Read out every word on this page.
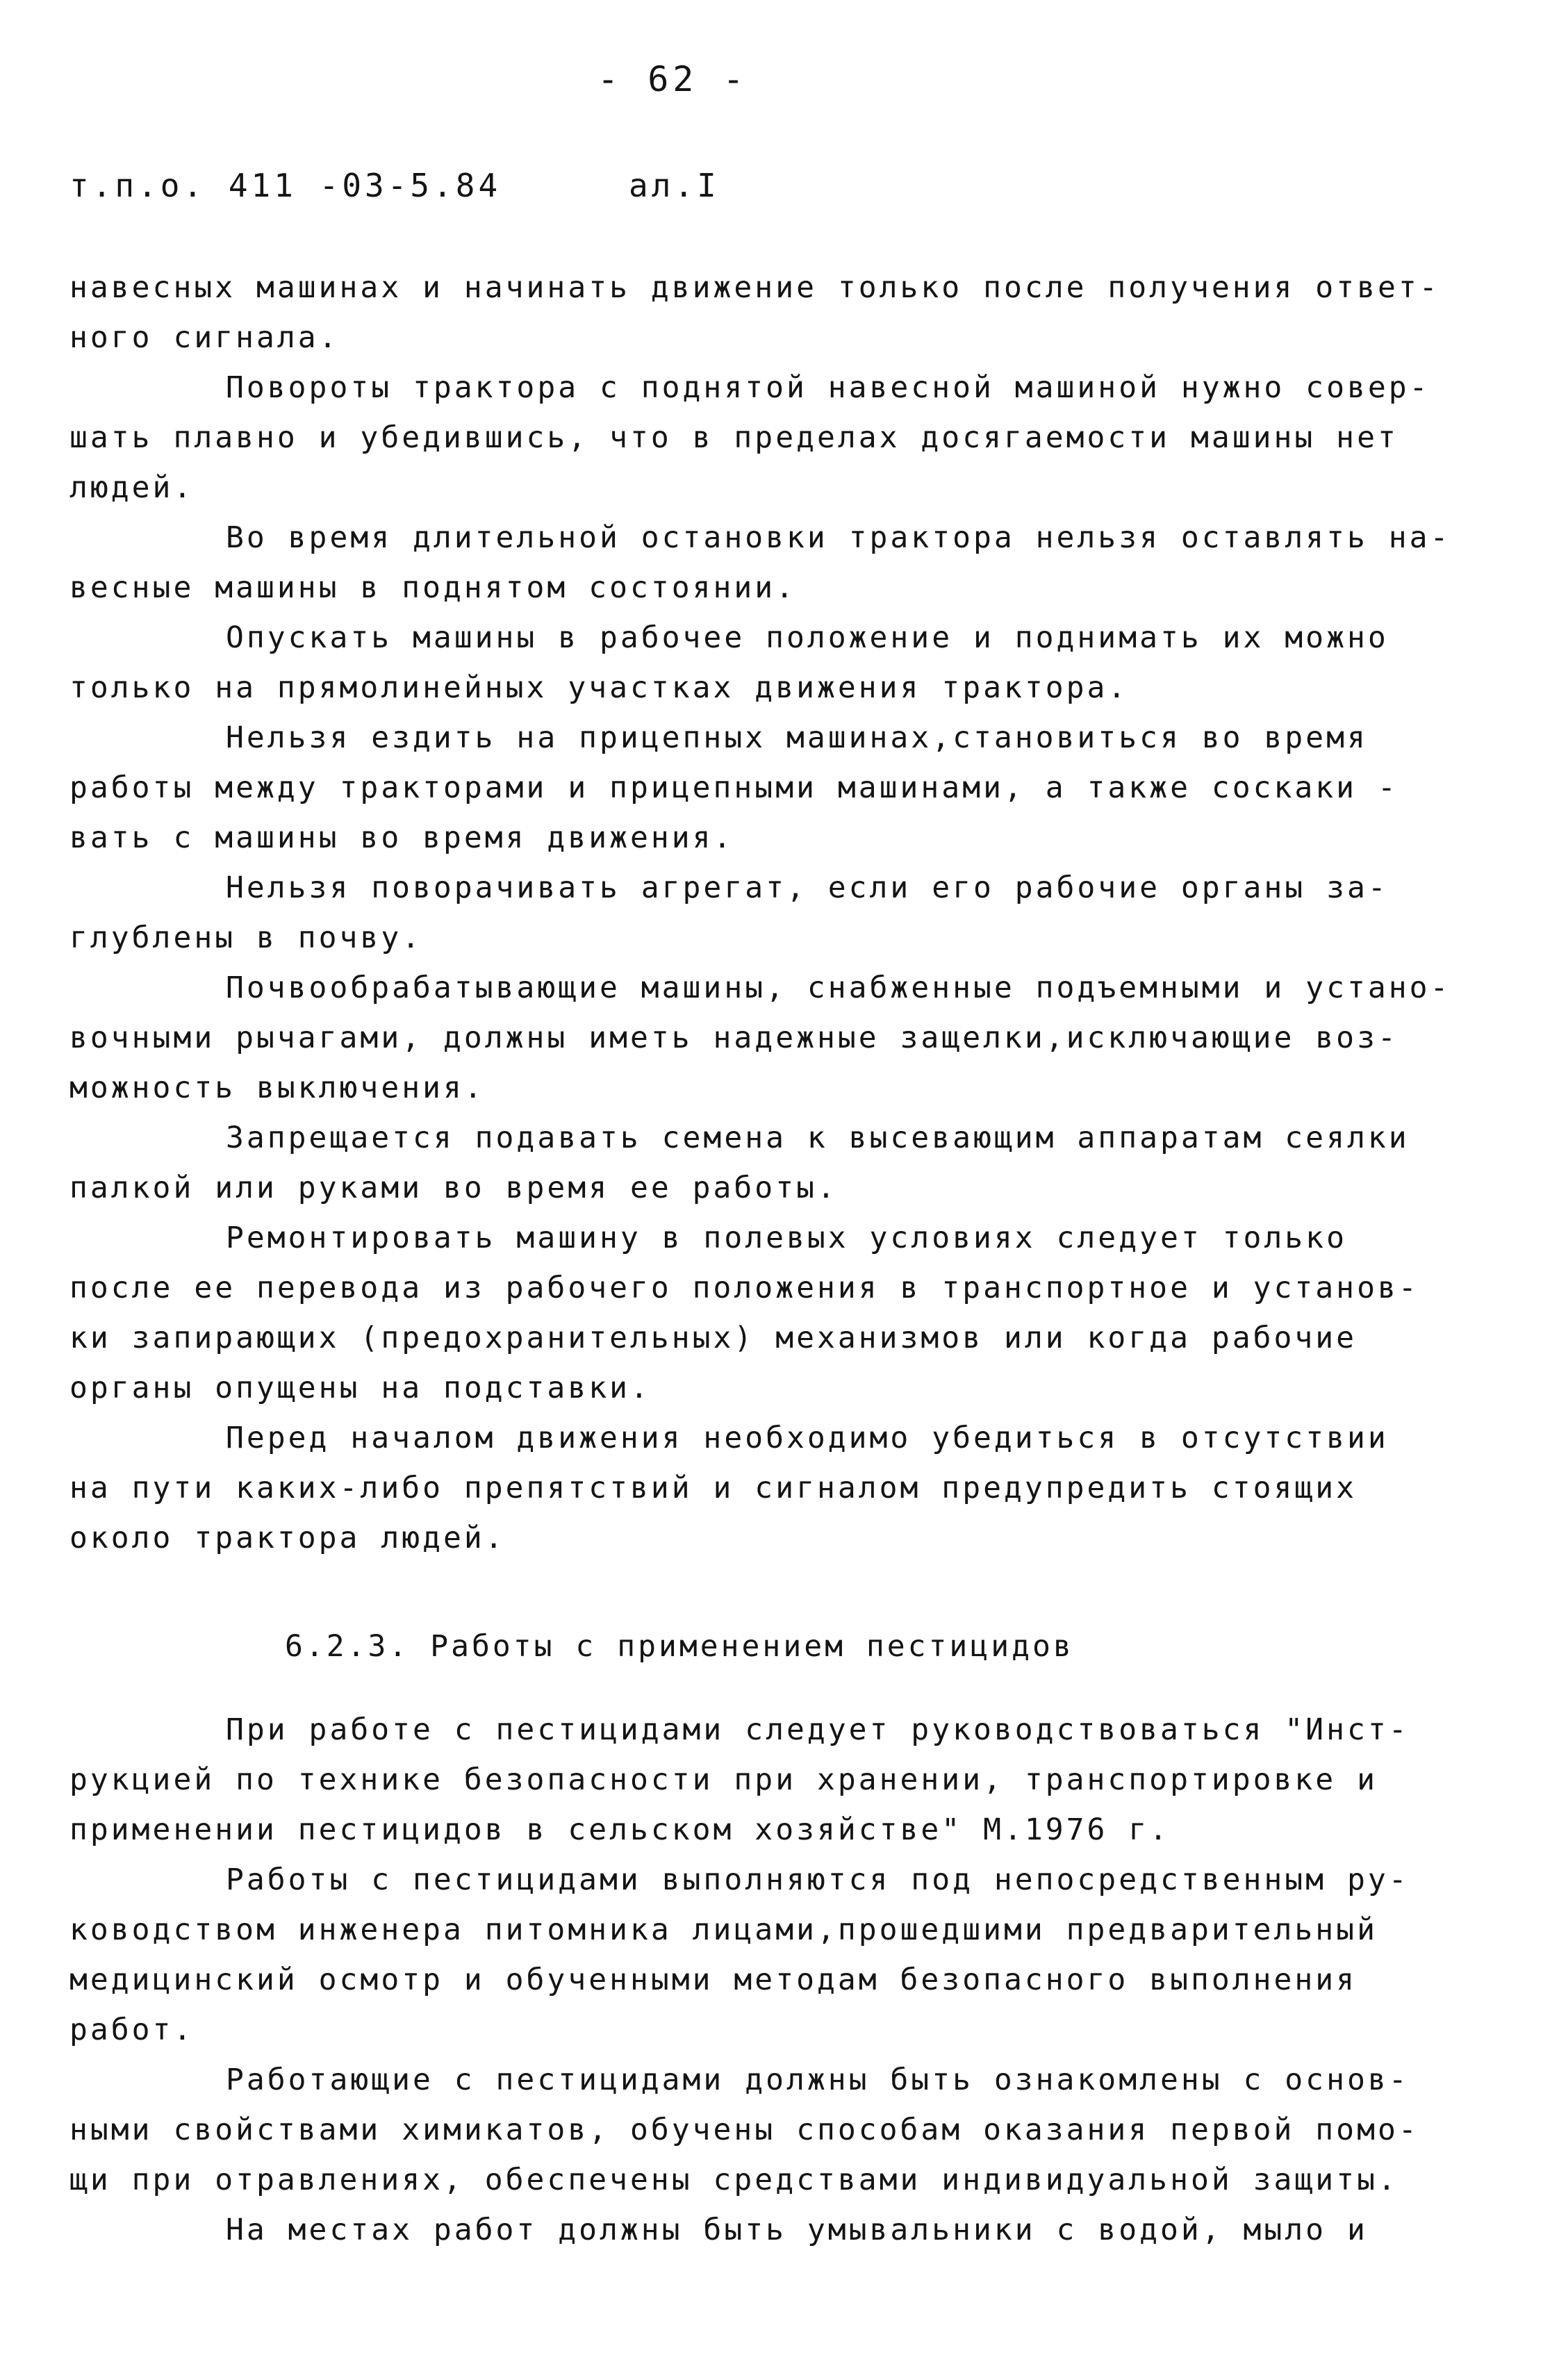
- 62 -
т.п.о. 411 -03-5.84	ал.I
навесных машинах и начинать движение только после получения ответ-
ного сигнала.
Повороты трактора с поднятой навесной машиной нужно совер-
шать плавно и убедившись, что в пределах досягаемости машины нет
людей.
Во время длительной остановки трактора нельзя оставлять на-
весные машины в поднятом состоянии.
Опускать машины в рабочее положение и поднимать их можно
только на прямолинейных участках движения трактора.
Нельзя ездить на прицепных машинах,становиться во время
работы между тракторами и прицепными машинами, а также соскаки -
вать с машины во время движения.
Нельзя поворачивать агрегат, если его рабочие органы за-
глублены в почву.
Почвообрабатывающие машины, снабженные подъемными и устано-
вочными рычагами, должны иметь надежные защелки,исключающие воз-
можность выключения.
Запрещается подавать семена к высевающим аппаратам сеялки
палкой или руками во время ее работы.
Ремонтировать машину в полевых условиях следует только
после ее перевода из рабочего положения в транспортное и установ-
ки запирающих (предохранительных) механизмов или когда рабочие
органы опущены на подставки.
Перед началом движения необходимо убедиться в отсутствии
на пути каких-либо препятствий и сигналом предупредить стоящих
около трактора людей.
6.2.3. Работы с применением пестицидов
При работе с пестицидами следует руководствоваться "Инст-
рукцией по технике безопасности при хранении, транспортировке и
применении пестицидов в сельском хозяйстве" М.1976 г.
Работы с пестицидами выполняются под непосредственным ру-
ководством инженера питомника лицами,прошедшими предварительный
медицинский осмотр и обученными методам безопасного выполнения
работ.
Работающие с пестицидами должны быть ознакомлены с основ-
ными свойствами химикатов, обучены способам оказания первой помо-
щи при отравлениях, обеспечены средствами индивидуальной защиты.
На местах работ должны быть умывальники с водой, мыло и
